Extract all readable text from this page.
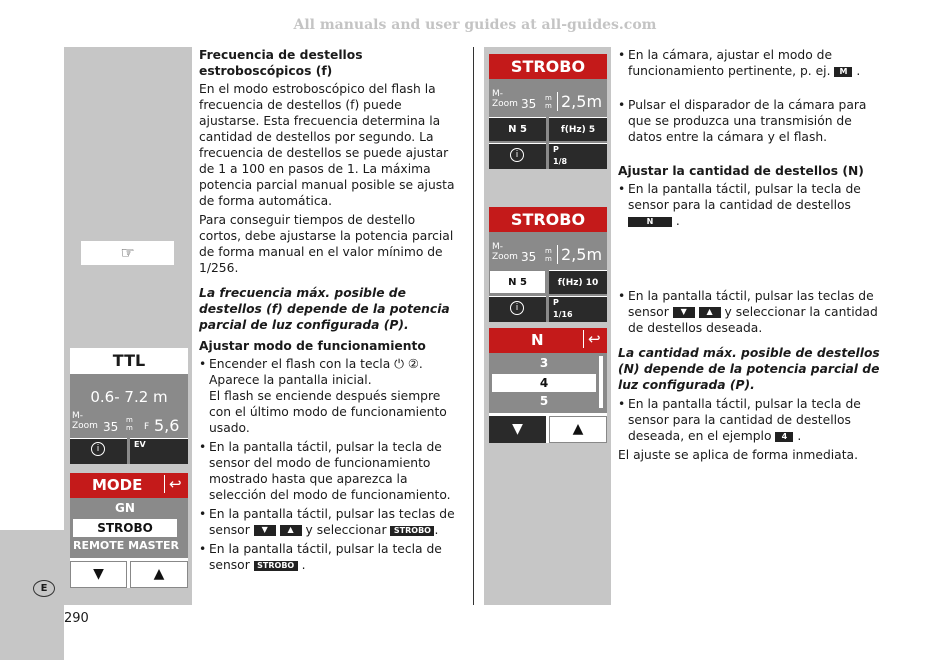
All manuals and user guides at all-guides.com
E
290
☞
TTL
0.6- 7.2 m
M-
Zoom 35 m
m F 5,6
i	EV
MODE	↩
GN
STROBO
REMOTE MASTER
▼	▲
STROBO
M-
Zoom 35 m
m 2,5m
N 5	f(Hz) 5
i
P
1/8
STROBO
M-
Zoom 35 m
m 2,5m
N 5	f(Hz) 10
i
P
1/16
N	↩
3
4
5
▼	▲
Frecuencia de destellos estroboscópicos (f)

En el modo estroboscópico del flash la frecuencia de destellos (f) puede ajustarse. Esta frecuencia determina la cantidad de destellos por segundo. La frecuencia de destellos se puede ajustar de 1 a 100 en pasos de 1. La máxima potencia parcial manual posible se ajusta de forma automática.

Para conseguir tiempos de destello cortos, debe ajustarse la potencia parcial de forma manual en el valor mínimo de 1/256.

La frecuencia máx. posible de destellos (f) depende de la potencia parcial de luz configurada (P).

Ajustar modo de funcionamiento
• Encender el flash con la tecla ⏻ ②.
Aparece la pantalla inicial.
El flash se enciende después siempre con el último modo de funcionamiento usado.
• En la pantalla táctil, pulsar la tecla de sensor del modo de funcionamiento mostrado hasta que aparezca la selección del modo de funcionamiento.
• En la pantalla táctil, pulsar las teclas de sensor ▼ ▲ y seleccionar STROBO .
• En la pantalla táctil, pulsar la tecla de sensor STROBO .
• En la cámara, ajustar el modo de funcionamiento pertinente, p. ej. M .
• Pulsar el disparador de la cámara para que se produzca una transmisión de datos entre la cámara y el flash.
Ajustar la cantidad de destellos (N)
• En la pantalla táctil, pulsar la tecla de sensor para la cantidad de destellos N .
• En la pantalla táctil, pulsar las teclas de sensor ▼ ▲ y seleccionar la cantidad de destellos deseada.

La cantidad máx. posible de destellos (N) depende de la potencia parcial de luz configurada (P).

• En la pantalla táctil, pulsar la tecla de sensor para la cantidad de destellos deseada, en el ejemplo 4 .

El ajuste se aplica de forma inmediata.
